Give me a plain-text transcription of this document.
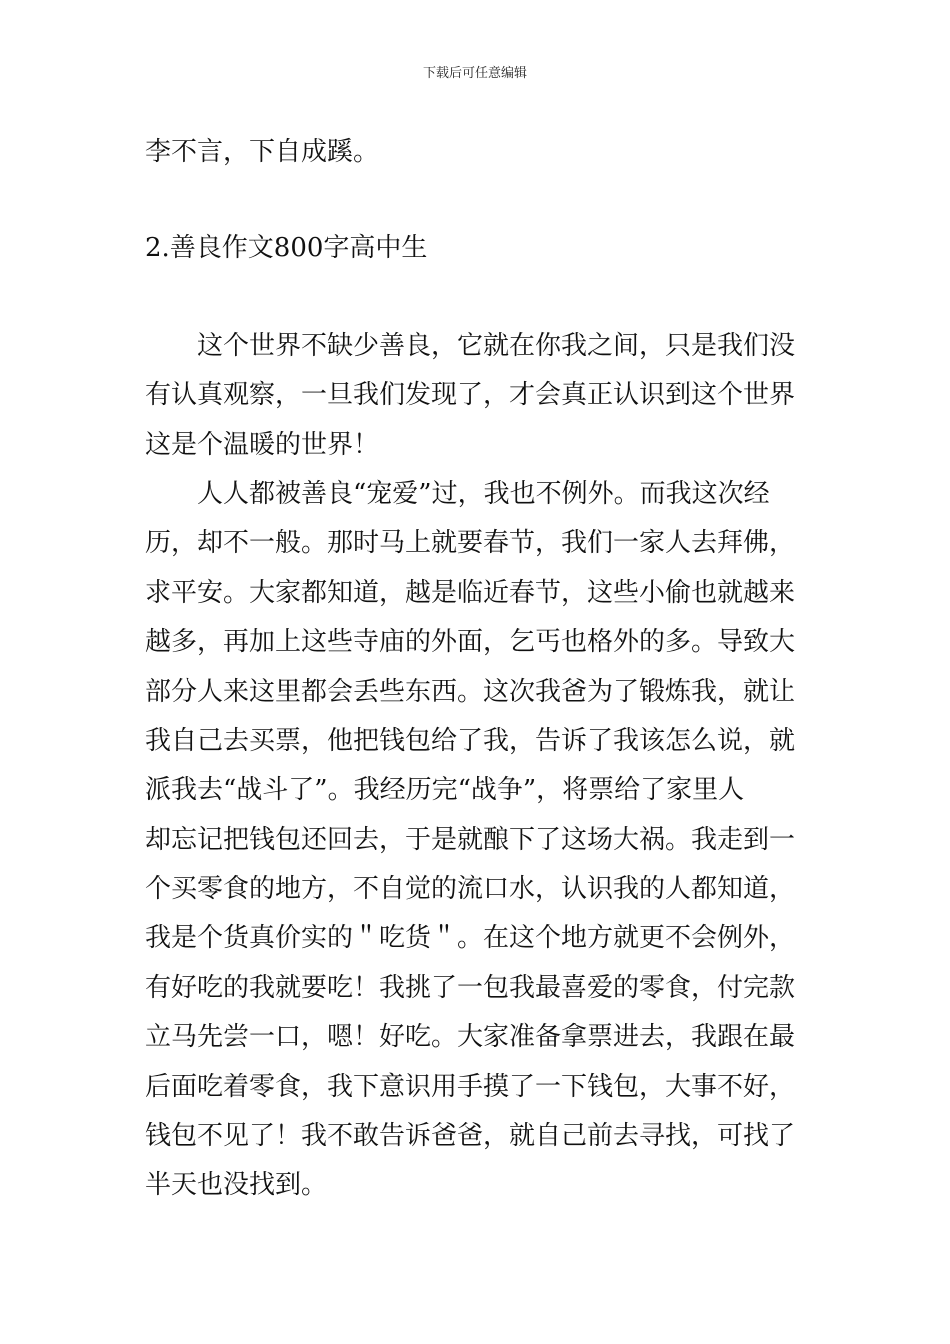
下载后可任意编辑
李不言，下自成蹊。
2.善良作文800字高中生
这个世界不缺少善良，它就在你我之间，只是我们没
有认真观察，一旦我们发现了，才会真正认识到这个世界
这是个温暖的世界！
人人都被善良“宠爱”过，我也不例外。而我这次经
历，却不一般。那时马上就要春节，我们一家人去拜佛，
求平安。大家都知道，越是临近春节，这些小偷也就越来
越多，再加上这些寺庙的外面，乞丐也格外的多。导致大
部分人来这里都会丢些东西。这次我爸为了锻炼我，就让
我自己去买票，他把钱包给了我，告诉了我该怎么说，就
派我去“战斗了”。我经历完“战争”，将票给了家里人
却忘记把钱包还回去，于是就酿下了这场大祸。我走到一
个买零食的地方，不自觉的流口水，认识我的人都知道，
我是个货真价实的＂吃货＂。在这个地方就更不会例外，
有好吃的我就要吃！我挑了一包我最喜爱的零食，付完款
立马先尝一口，嗯！好吃。大家准备拿票进去，我跟在最
后面吃着零食，我下意识用手摸了一下钱包，大事不好，
钱包不见了！我不敢告诉爸爸，就自己前去寻找，可找了
半天也没找到。
